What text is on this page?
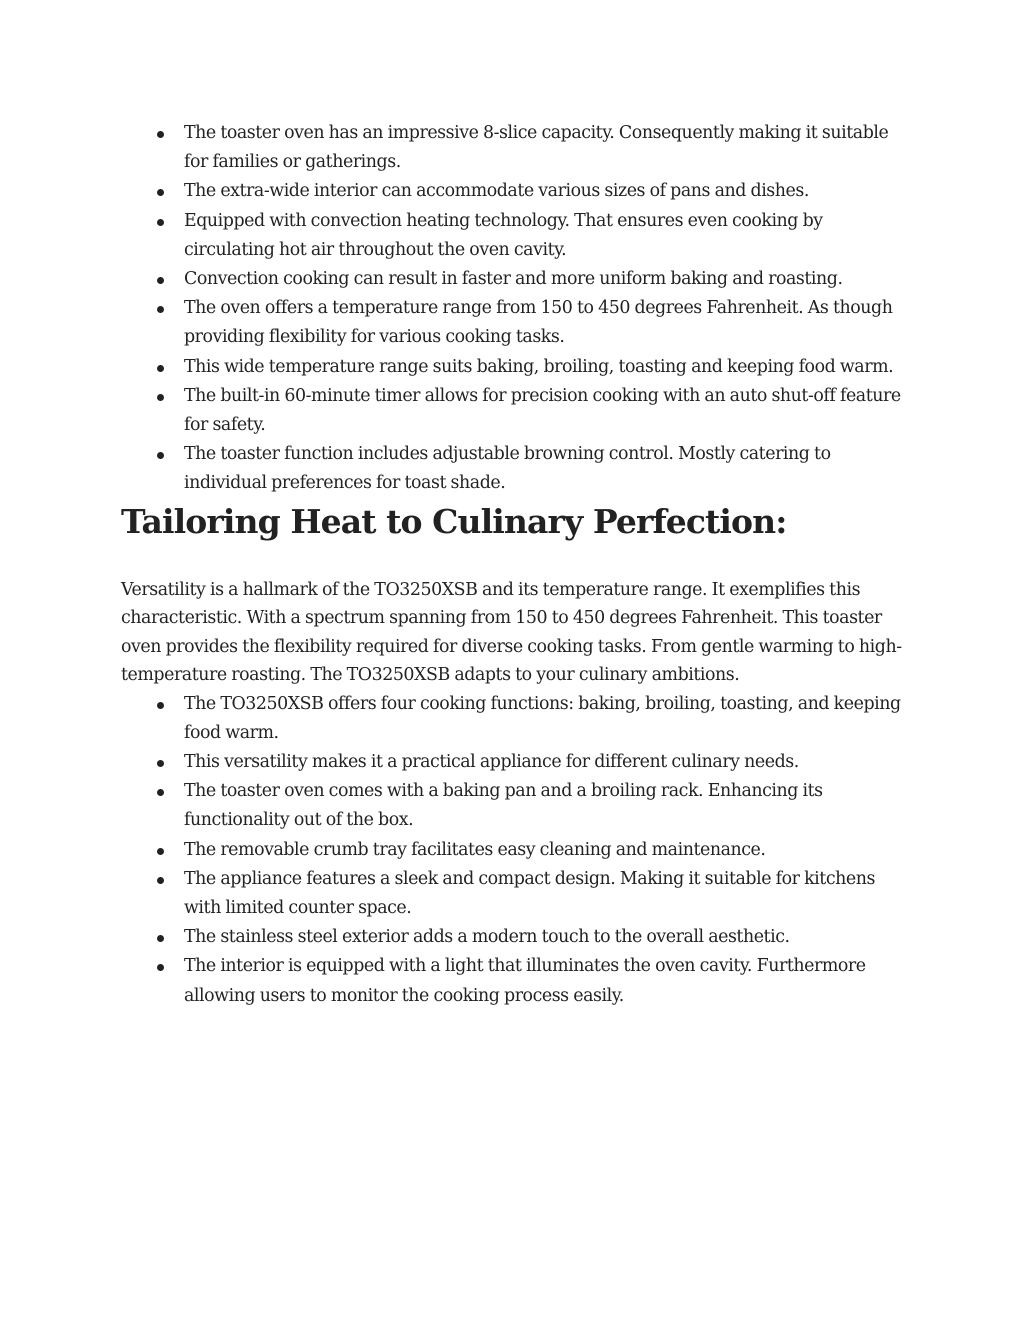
The toaster oven has an impressive 8-slice capacity. Consequently making it suitable for families or gatherings.
The extra-wide interior can accommodate various sizes of pans and dishes.
Equipped with convection heating technology. That ensures even cooking by circulating hot air throughout the oven cavity.
Convection cooking can result in faster and more uniform baking and roasting.
The oven offers a temperature range from 150 to 450 degrees Fahrenheit. As though providing flexibility for various cooking tasks.
This wide temperature range suits baking, broiling, toasting and keeping food warm.
The built-in 60-minute timer allows for precision cooking with an auto shut-off feature for safety.
The toaster function includes adjustable browning control. Mostly catering to individual preferences for toast shade.
Tailoring Heat to Culinary Perfection:

Versatility is a hallmark of the TO3250XSB and its temperature range. It exemplifies this characteristic. With a spectrum spanning from 150 to 450 degrees Fahrenheit. This toaster oven provides the flexibility required for diverse cooking tasks. From gentle warming to high-temperature roasting. The TO3250XSB adapts to your culinary ambitions.

The TO3250XSB offers four cooking functions: baking, broiling, toasting, and keeping food warm.
This versatility makes it a practical appliance for different culinary needs.
The toaster oven comes with a baking pan and a broiling rack. Enhancing its functionality out of the box.
The removable crumb tray facilitates easy cleaning and maintenance.
The appliance features a sleek and compact design. Making it suitable for kitchens with limited counter space.
The stainless steel exterior adds a modern touch to the overall aesthetic.
The interior is equipped with a light that illuminates the oven cavity. Furthermore allowing users to monitor the cooking process easily.
